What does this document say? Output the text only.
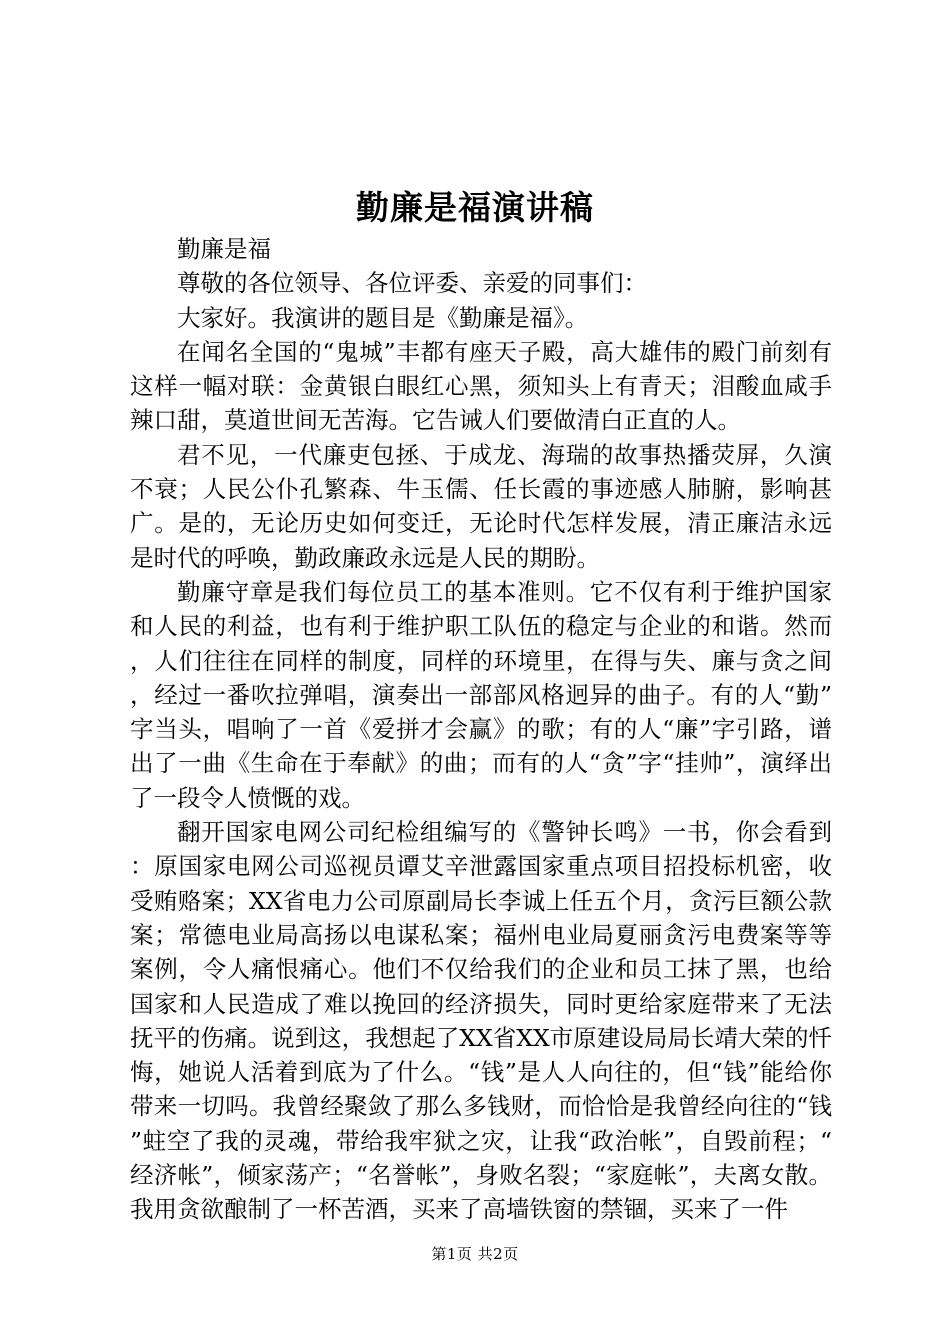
勤廉是福演讲稿

勤廉是福

尊敬的各位领导、各位评委、亲爱的同事们：

大家好。我演讲的题目是《勤廉是福》。

在闻名全国的“鬼城”丰都有座天子殿，高大雄伟的殿门前刻有这样一幅对联：金黄银白眼红心黑，须知头上有青天；泪酸血咸手辣口甜，莫道世间无苦海。它告诫人们要做清白正直的人。

君不见，一代廉吏包拯、于成龙、海瑞的故事热播荧屏，久演不衰；人民公仆孔繁森、牛玉儒、任长霞的事迹感人肺腑，影响甚广。是的，无论历史如何变迁，无论时代怎样发展，清正廉洁永远是时代的呼唤，勤政廉政永远是人民的期盼。

勤廉守章是我们每位员工的基本准则。它不仅有利于维护国家和人民的利益，也有利于维护职工队伍的稳定与企业的和谐。然而，人们往往在同样的制度，同样的环境里，在得与失、廉与贪之间，经过一番吹拉弹唱，演奏出一部部风格迥异的曲子。有的人“勤”字当头，唱响了一首《爱拼才会赢》的歌；有的人“廉”字引路，谱出了一曲《生命在于奉献》的曲；而有的人“贪”字“挂帅”，演绎出了一段令人愤慨的戏。

翻开国家电网公司纪检组编写的《警钟长鸣》一书，你会看到：原国家电网公司巡视员谭艾辛泄露国家重点项目招投标机密，收受贿赂案；XX省电力公司原副局长李诚上任五个月，贪污巨额公款案；常德电业局高扬以电谋私案；福州电业局夏丽贪污电费案等等案例，令人痛恨痛心。他们不仅给我们的企业和员工抹了黑，也给国家和人民造成了难以挽回的经济损失，同时更给家庭带来了无法抚平的伤痛。说到这，我想起了XX省XX市原建设局局长靖大荣的忏悔，她说人活着到底为了什么。“钱”是人人向往的，但“钱”能给你带来一切吗。我曾经聚敛了那么多钱财，而恰恰是我曾经向往的“钱”蛀空了我的灵魂，带给我牢狱之灾，让我“政治帐”，自毁前程；“经济帐”，倾家荡产；“名誉帐”，身败名裂；“家庭帐”，夫离女散。我用贪欲酿制了一杯苦酒，买来了高墙铁窗的禁锢，买来了一件

第1页 共2页
